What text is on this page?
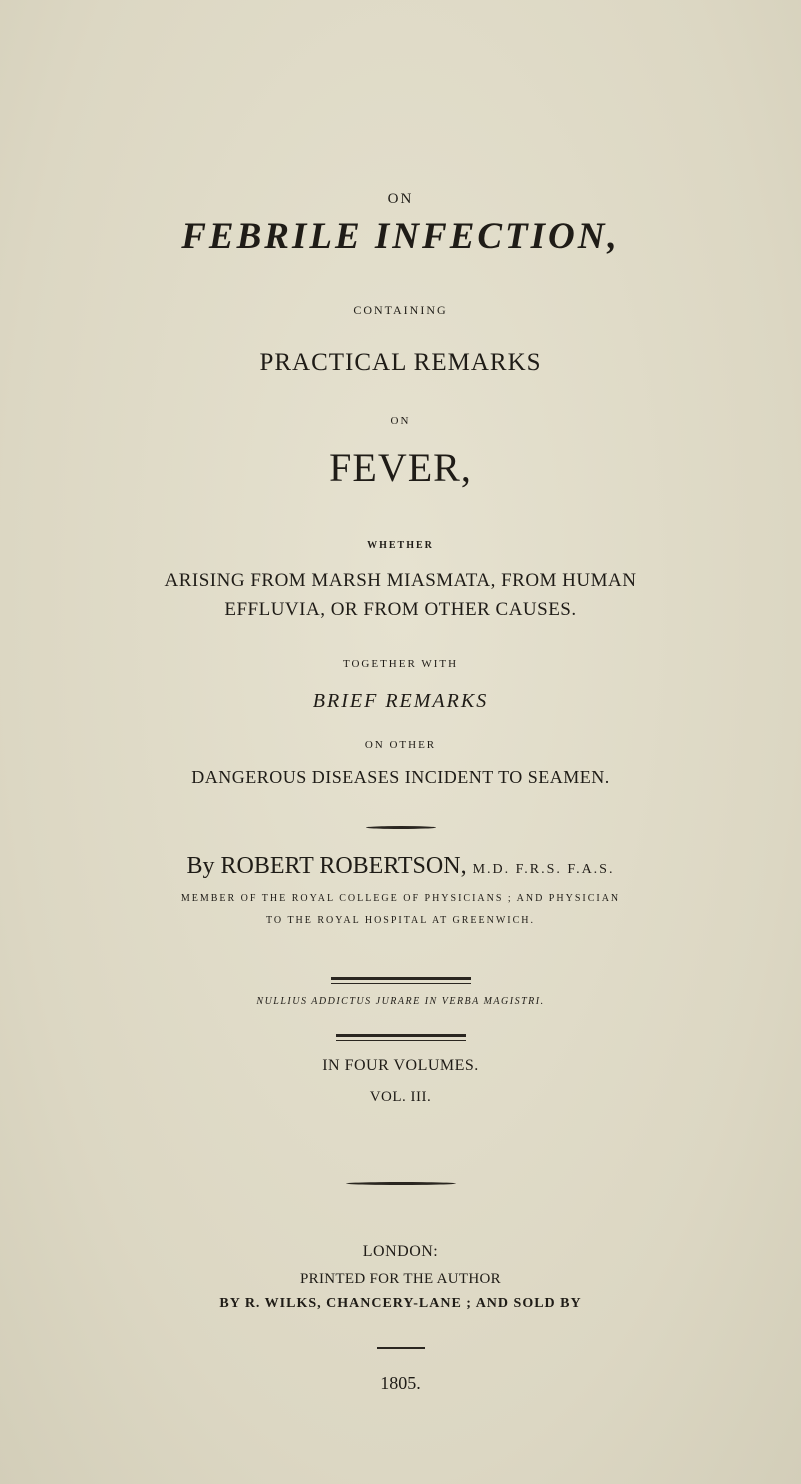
ON
FEBRILE INFECTION,
CONTAINING
PRACTICAL REMARKS
ON
FEVER,
WHETHER
ARISING FROM MARSH MIASMATA, FROM HUMAN
EFFLUVIA, OR FROM OTHER CAUSES.
TOGETHER WITH
BRIEF REMARKS
ON OTHER
DANGEROUS DISEASES INCIDENT TO SEAMEN.
By ROBERT ROBERTSON, M.D. F.R.S. F.A.S.
MEMBER OF THE ROYAL COLLEGE OF PHYSICIANS ; AND PHYSICIAN
TO THE ROYAL HOSPITAL AT GREENWICH.
NULLIUS ADDICTUS JURARE IN VERBA MAGISTRI.
IN FOUR VOLUMES.
VOL. III.
LONDON:
PRINTED FOR THE AUTHOR
BY R. WILKS, CHANCERY-LANE ; AND SOLD BY
1805.
